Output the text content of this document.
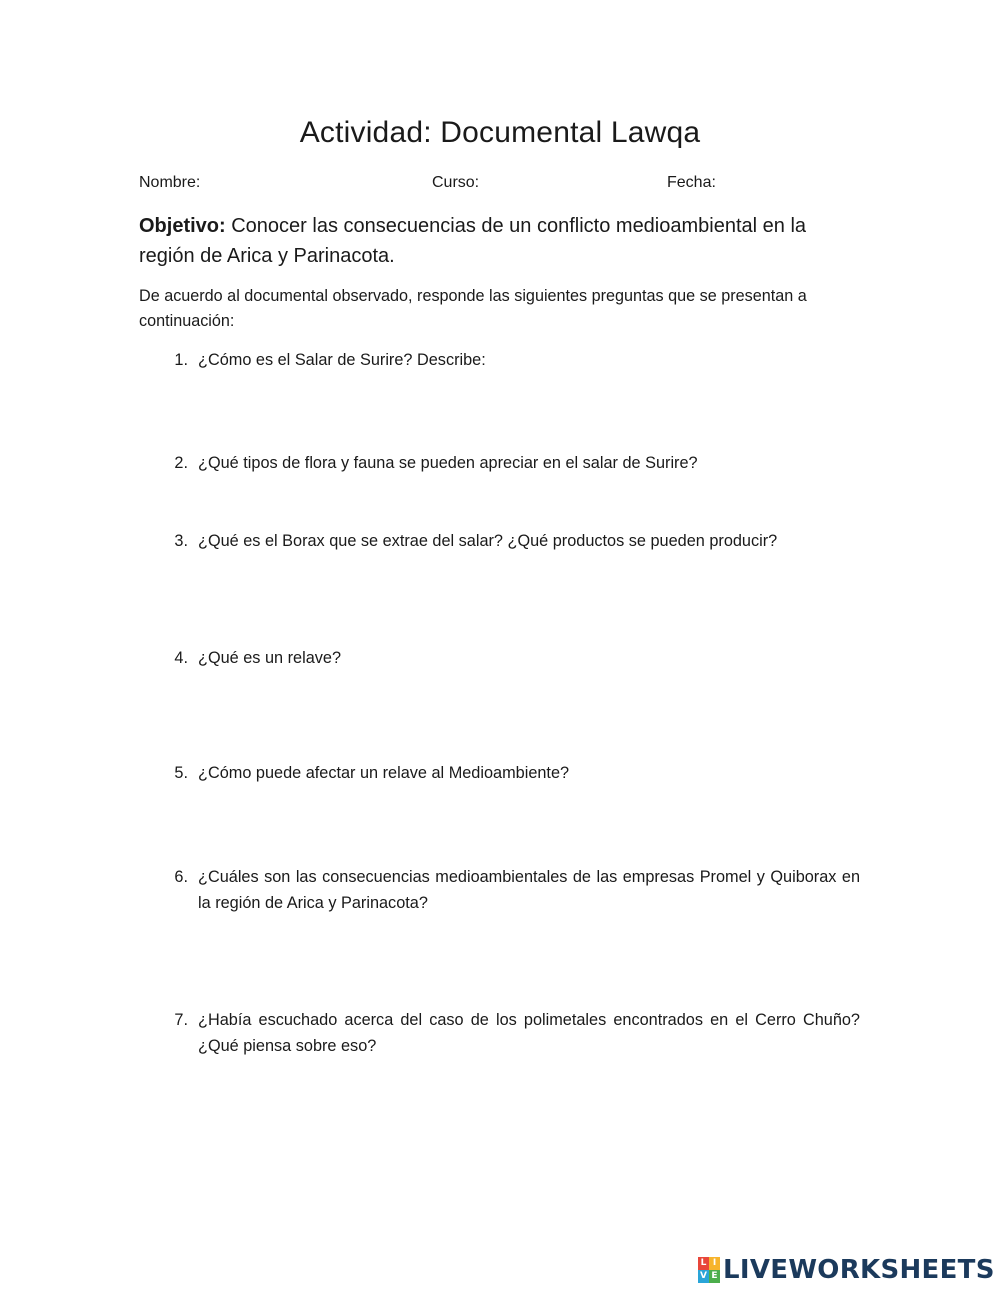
Actividad: Documental Lawqa
Nombre:	Curso:	Fecha:

Objetivo: Conocer las consecuencias de un conflicto medioambiental en la región de Arica y Parinacota.

De acuerdo al documental observado, responde las siguientes preguntas que se presentan a continuación:

1. ¿Cómo es el Salar de Surire? Describe:
2. ¿Qué tipos de flora y fauna se pueden apreciar en el salar de Surire?
3. ¿Qué es el Borax que se extrae del salar? ¿Qué productos se pueden producir?
4. ¿Qué es un relave?
5. ¿Cómo puede afectar un relave al Medioambiente?
6. ¿Cuáles son las consecuencias medioambientales de las empresas Promel y Quiborax en la región de Arica y Parinacota?
7. ¿Había escuchado acerca del caso de los polimetales encontrados en el Cerro Chuño? ¿Qué piensa sobre eso?
L I
V E LIVEWORKSHEETS
